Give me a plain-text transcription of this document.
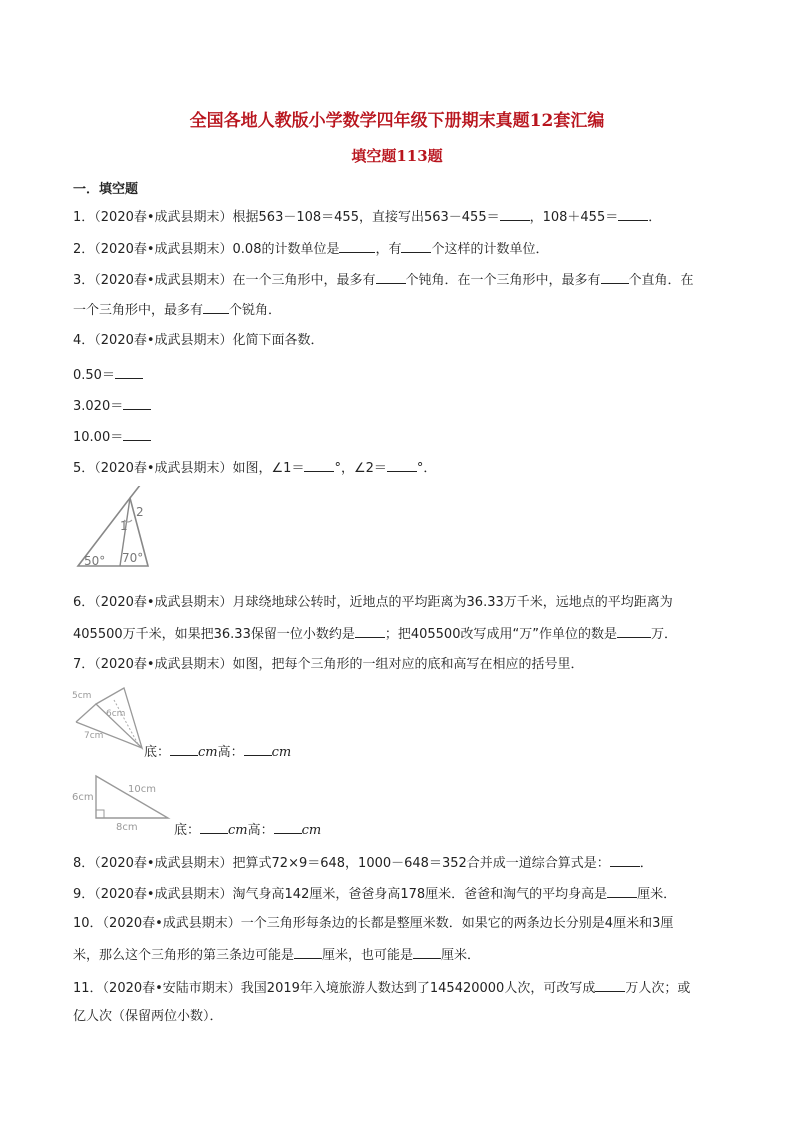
全国各地人教版小学数学四年级下册期末真题12套汇编
填空题113题
一．填空题
1．（2020春•成武县期末）根据563－108＝455，直接写出563－455＝ ，108＋455＝ ．
2．（2020春•成武县期末）0.08的计数单位是	，有 个这样的计数单位．
3．（2020春•成武县期末）在一个三角形中，最多有 个钝角．在一个三角形中，最多有 个直角．在
一个三角形中，最多有 个锐角．
4．（2020春•成武县期末）化简下面各数．
0.50＝
3.020＝
10.00＝
5．（2020春•成武县期末）如图，∠1＝ °，∠2＝ °．
1
2
50° 70°
6．（2020春•成武县期末）月球绕地球公转时，近地点的平均距离为36.33万千米，远地点的平均距离为
405500万千米，如果把36.33保留一位小数约是 ；把405500改写成用“万”作单位的数是	万．
7．（2020春•成武县期末）如图，把每个三角形的一组对应的底和高写在相应的括号里．
5cm
6cm
7cm
底： cm高： cm
6cm
10cm
8cm	底： cm高： cm
8．（2020春•成武县期末）把算式72×9＝648，1000－648＝352合并成一道综合算式是： ．
9．（2020春•成武县期末）淘气身高142厘米，爸爸身高178厘米．爸爸和淘气的平均身高是 厘米．
10．（2020春•成武县期末）一个三角形每条边的长都是整厘米数．如果它的两条边长分别是4厘米和3厘
米，那么这个三角形的第三条边可能是 厘米，也可能是 厘米．
11．（2020春•安陆市期末）我国2019年入境旅游人数达到了145420000人次，可改写成 万人次；或
亿人次（保留两位小数）．
